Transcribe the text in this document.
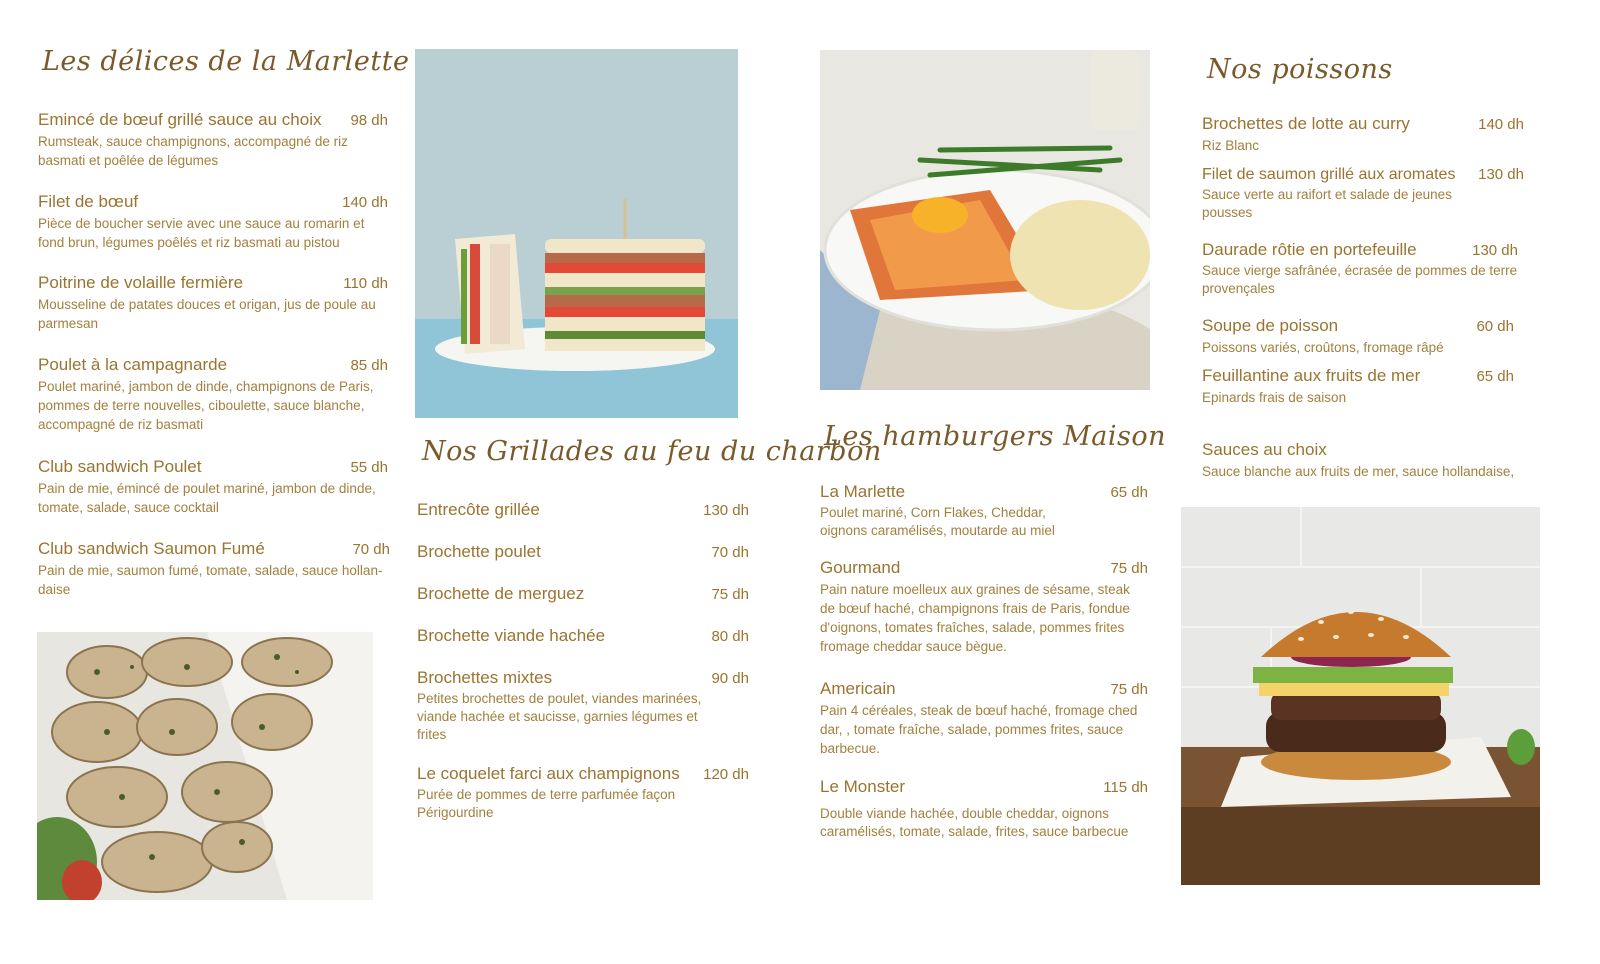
Les délices de la Marlette
Emincé de bœuf grillé sauce au choix 98 dh
Rumsteak, sauce champignons, accompagné de riz basmati et poêlée de légumes
Filet de bœuf	140 dh
Pièce de boucher servie avec une sauce au romarin et fond brun, légumes poêlés et riz basmati au pistou
Poitrine de volaille fermière	110 dh
Mousseline de patates douces et origan, jus de poule au parmesan
Poulet à la campagnarde	85 dh
Poulet mariné, jambon de dinde, champignons de Paris, pommes de terre nouvelles, ciboulette, sauce blanche, accompagné de riz basmati
Club sandwich Poulet	55 dh
Pain de mie, émincé de poulet mariné, jambon de dinde, tomate, salade, sauce cocktail
Club sandwich Saumon Fumé	70 dh
Pain de mie, saumon fumé, tomate, salade, sauce hollan-daise
Nos Grillades au feu du charbon
Entrecôte grillée	130 dh
Brochette poulet	70 dh
Brochette de merguez	75 dh
Brochette viande hachée	80 dh
Brochettes mixtes	90 dh
Petites brochettes de poulet, viandes marinées, viande hachée et saucisse, garnies légumes et frites
Le coquelet farci aux champignons 120 dh
Purée de pommes de terre parfumée façon Périgourdine
Les hamburgers Maison
La Marlette	65 dh
Poulet mariné, Corn Flakes, Cheddar, oignons caramélisés, moutarde au miel
Gourmand	75 dh
Pain nature moelleux aux graines de sésame, steak de bœuf haché, champignons frais de Paris, fondue d'oignons, tomates fraîches, salade, pommes frites fromage cheddar sauce bègue.
Americain	75 dh
Pain 4 céréales, steak de bœuf haché, fromage ched dar, , tomate fraîche, salade, pommes frites, sauce barbecue.
Le Monster	115 dh
Double viande hachée, double cheddar, oignons caramélisés, tomate, salade, frites, sauce barbecue
Nos poissons
Brochettes de lotte au curry	140 dh
Riz Blanc
Filet de saumon grillé aux aromates 130 dh
Sauce verte au raifort et salade de jeunes pousses
Daurade rôtie en portefeuille	130 dh
Sauce vierge safrânée, écrasée de pommes de terre provençales
Soupe de poisson	60 dh
Poissons variés, croûtons, fromage râpé
Feuillantine aux fruits de mer	65 dh
Epinards frais de saison
Sauces au choix
Sauce blanche aux fruits de mer, sauce hollandaise,
